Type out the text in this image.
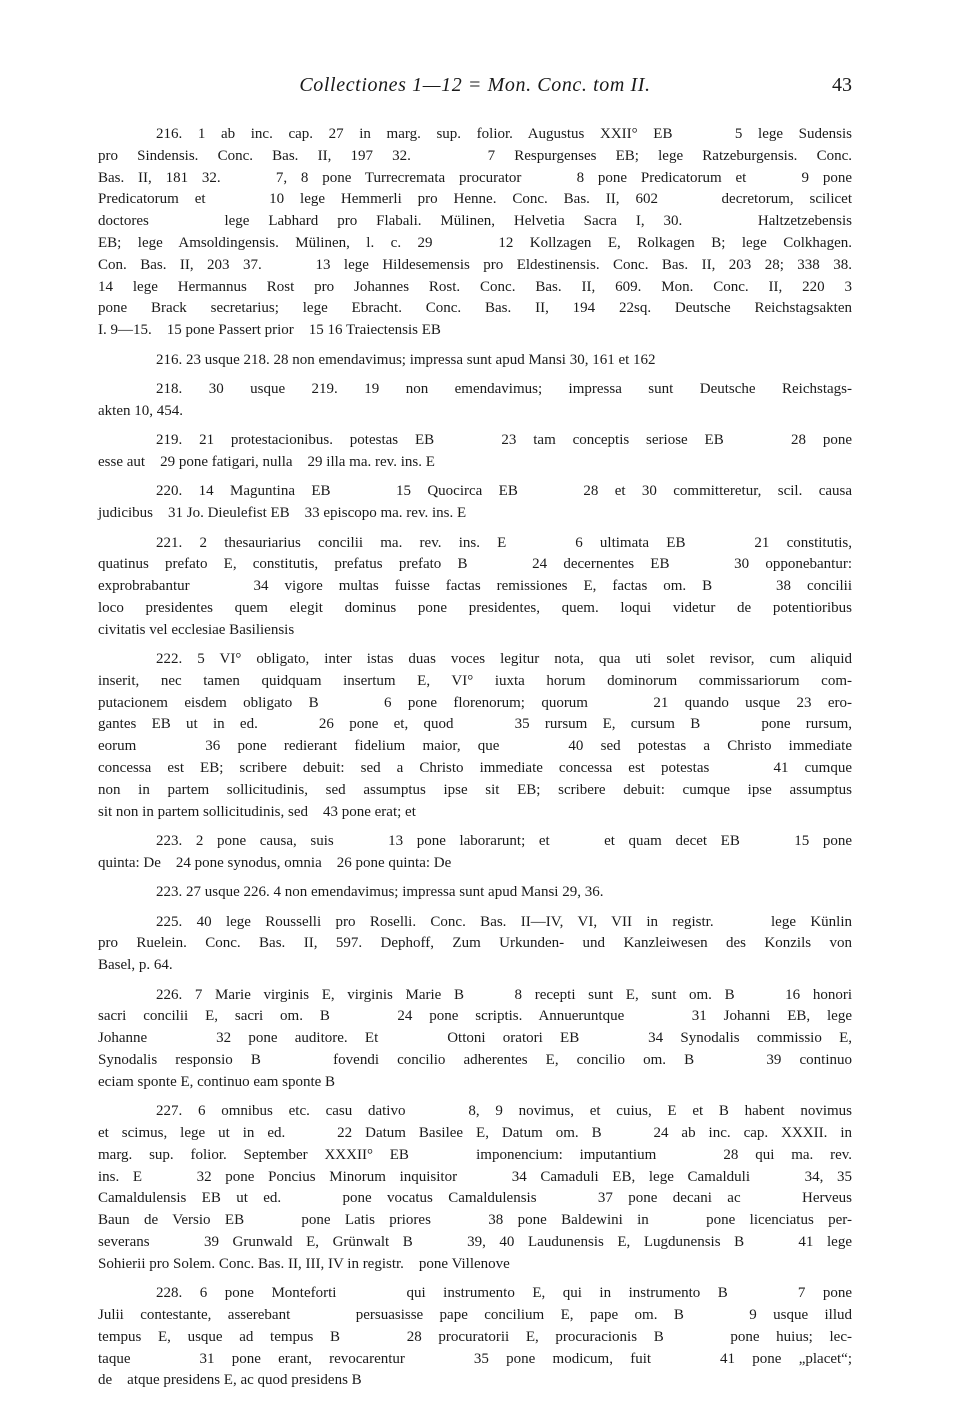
Collectiones 1—12 = Mon. Conc. tom II.	43
216. 1 ab inc. cap. 27 in marg. sup. folior. Augustus XXII° EB    5 lege Sudensis
pro Sindensis. Conc. Bas. II, 197 32.    7 Respurgenses EB; lege Ratzeburgensis. Conc.
Bas. II, 181 32.    7, 8 pone Turrecremata procurator    8 pone Predicatorum et    9 pone
Predicatorum et    10 lege Hemmerli pro Henne. Conc. Bas. II, 602    decretorum, scilicet
doctores    lege Labhard pro Flabali. Mülinen, Helvetia Sacra I, 30.    Haltzetzebensis
EB; lege Amsoldingensis. Mülinen, l. c. 29    12 Kollzagen E, Rolkagen B; lege Colkhagen.
Con. Bas. II, 203 37.    13 lege Hildesemensis pro Eldestinensis. Conc. Bas. II, 203 28; 338 38.
14 lege Hermannus Rost pro Johannes Rost. Conc. Bas. II, 609. Mon. Conc. II, 220 3
pone Brack secretarius; lege Ebracht. Conc. Bas. II, 194 22sq. Deutsche Reichstagsakten
I. 9—15.    15 pone Passert prior    15 16 Traiectensis EB
216. 23 usque 218. 28 non emendavimus; impressa sunt apud Mansi 30, 161 et 162
218. 30 usque 219. 19 non emendavimus; impressa sunt Deutsche Reichstags-
akten 10, 454.
219. 21 protestacionibus. potestas EB    23 tam conceptis seriose EB    28 pone
esse aut    29 pone fatigari, nulla    29 illa ma. rev. ins. E
220. 14 Maguntina EB    15 Quocirca EB    28 et 30 committeretur, scil. causa
judicibus    31 Jo. Dieulefist EB    33 episcopo ma. rev. ins. E
221. 2 thesauriarius concilii ma. rev. ins. E    6 ultimata EB    21 constitutis,
quatinus prefato E, constitutis, prefatus prefato B    24 decernentes EB    30 opponebantur:
exprobrabantur    34 vigore multas fuisse factas remissiones E, factas om. B    38 concilii
loco presidentes quem elegit dominus pone presidentes, quem. loqui videtur de potentioribus
civitatis vel ecclesiae Basiliensis
222. 5 VI° obligato, inter istas duas voces legitur nota, qua uti solet revisor, cum aliquid
inserit, nec tamen quidquam insertum E, VI° iuxta horum dominorum commissariorum com-
putacionem eisdem obligato B    6 pone florenorum; quorum    21 quando usque 23 ero-
gantes EB ut in ed.    26 pone et, quod    35 rursum E, cursum B    pone rursum,
eorum    36 pone redierant fidelium maior, que    40 sed potestas a Christo immediate
concessa est EB; scribere debuit: sed a Christo immediate concessa est potestas    41 cumque
non in partem sollicitudinis, sed assumptus ipse sit EB; scribere debuit: cumque ipse assumptus
sit non in partem sollicitudinis, sed    43 pone erat; et
223. 2 pone causa, suis    13 pone laborarunt; et    et quam decet EB    15 pone
quinta: De    24 pone synodus, omnia    26 pone quinta: De
223. 27 usque 226. 4 non emendavimus; impressa sunt apud Mansi 29, 36.
225. 40 lege Rousselli pro Roselli. Conc. Bas. II—IV, VI, VII in registr.    lege Künlin
pro Ruelein. Conc. Bas. II, 597. Dephoff, Zum Urkunden- und Kanzleiwesen des Konzils von
Basel, p. 64.
226. 7 Marie virginis E, virginis Marie B    8 recepti sunt E, sunt om. B    16 honori
sacri concilii E, sacri om. B    24 pone scriptis. Annueruntque    31 Johanni EB, lege
Johanne    32 pone auditore. Et    Ottoni oratori EB    34 Synodalis commissio E,
Synodalis responsio B    fovendi concilio adherentes E, concilio om. B    39 continuo
eciam sponte E, continuo eam sponte B
227. 6 omnibus etc. casu dativo    8, 9 novimus, et cuius, E et B habent novimus
et scimus, lege ut in ed.    22 Datum Basilee E, Datum om. B    24 ab inc. cap. XXXII. in
marg. sup. folior. September XXXII° EB    imponencium: imputantium    28 qui ma. rev.
ins. E    32 pone Poncius Minorum inquisitor    34 Camaduli EB, lege Camalduli    34, 35
Camaldulensis EB ut ed.    pone vocatus Camaldulensis    37 pone decani ac    Herveus
Baun de Versio EB    pone Latis priores    38 pone Baldewini in    pone licenciatus per-
severans    39 Grunwald E, Grünwalt B    39, 40 Laudunensis E, Lugdunensis B    41 lege
Sohierii pro Solem. Conc. Bas. II, III, IV in registr.    pone Villenove
228. 6 pone Monteforti    qui instrumento E, qui in instrumento B    7 pone
Julii contestante, asserebant    persuasisse pape concilium E, pape om. B    9 usque illud
tempus E, usque ad tempus B    28 procuratorii E, procuracionis B    pone huius; lec-
taque    31 pone erant, revocarentur    35 pone modicum, fuit    41 pone „placet“;
de    atque presidens E, ac quod presidens B
